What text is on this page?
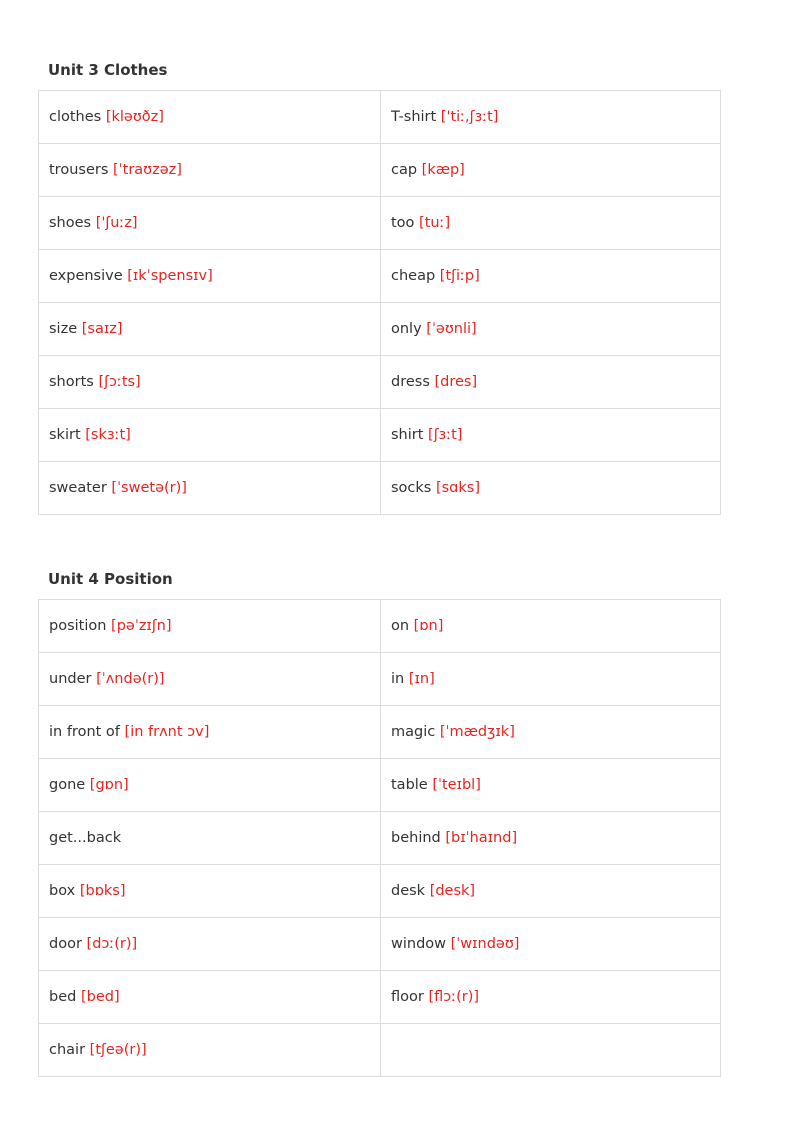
Unit 3 Clothes
clothes [kləʊðz]	T-shirt ['tiː,ʃɜːt]
trousers [ˈtraʊzəz]	cap [kæp]
shoes ['ʃuːz]	too [tuː]
expensive [ɪkˈspensɪv]	cheap [tʃiːp]
size [saɪz]	only [ˈəʊnli]
shorts [ʃɔːts]	dress [dres]
skirt [skɜːt]	shirt [ʃɜːt]
sweater [ˈswetə(r)]	socks [sɑks]
Unit 4 Position
position [pəˈzɪʃn]	on [ɒn]
under [ˈʌndə(r)]	in [ɪn]
in front of [in frʌnt ɔv]	magic [ˈmædʒɪk]
gone [gɒn]	table [ˈteɪbl]
get...back	behind [bɪˈhaɪnd]
box [bɒks]	desk [desk]
door [dɔː(r)]	window [ˈwɪndəʊ]
bed [bed]	floor [flɔː(r)]
chair [tʃeə(r)]	
